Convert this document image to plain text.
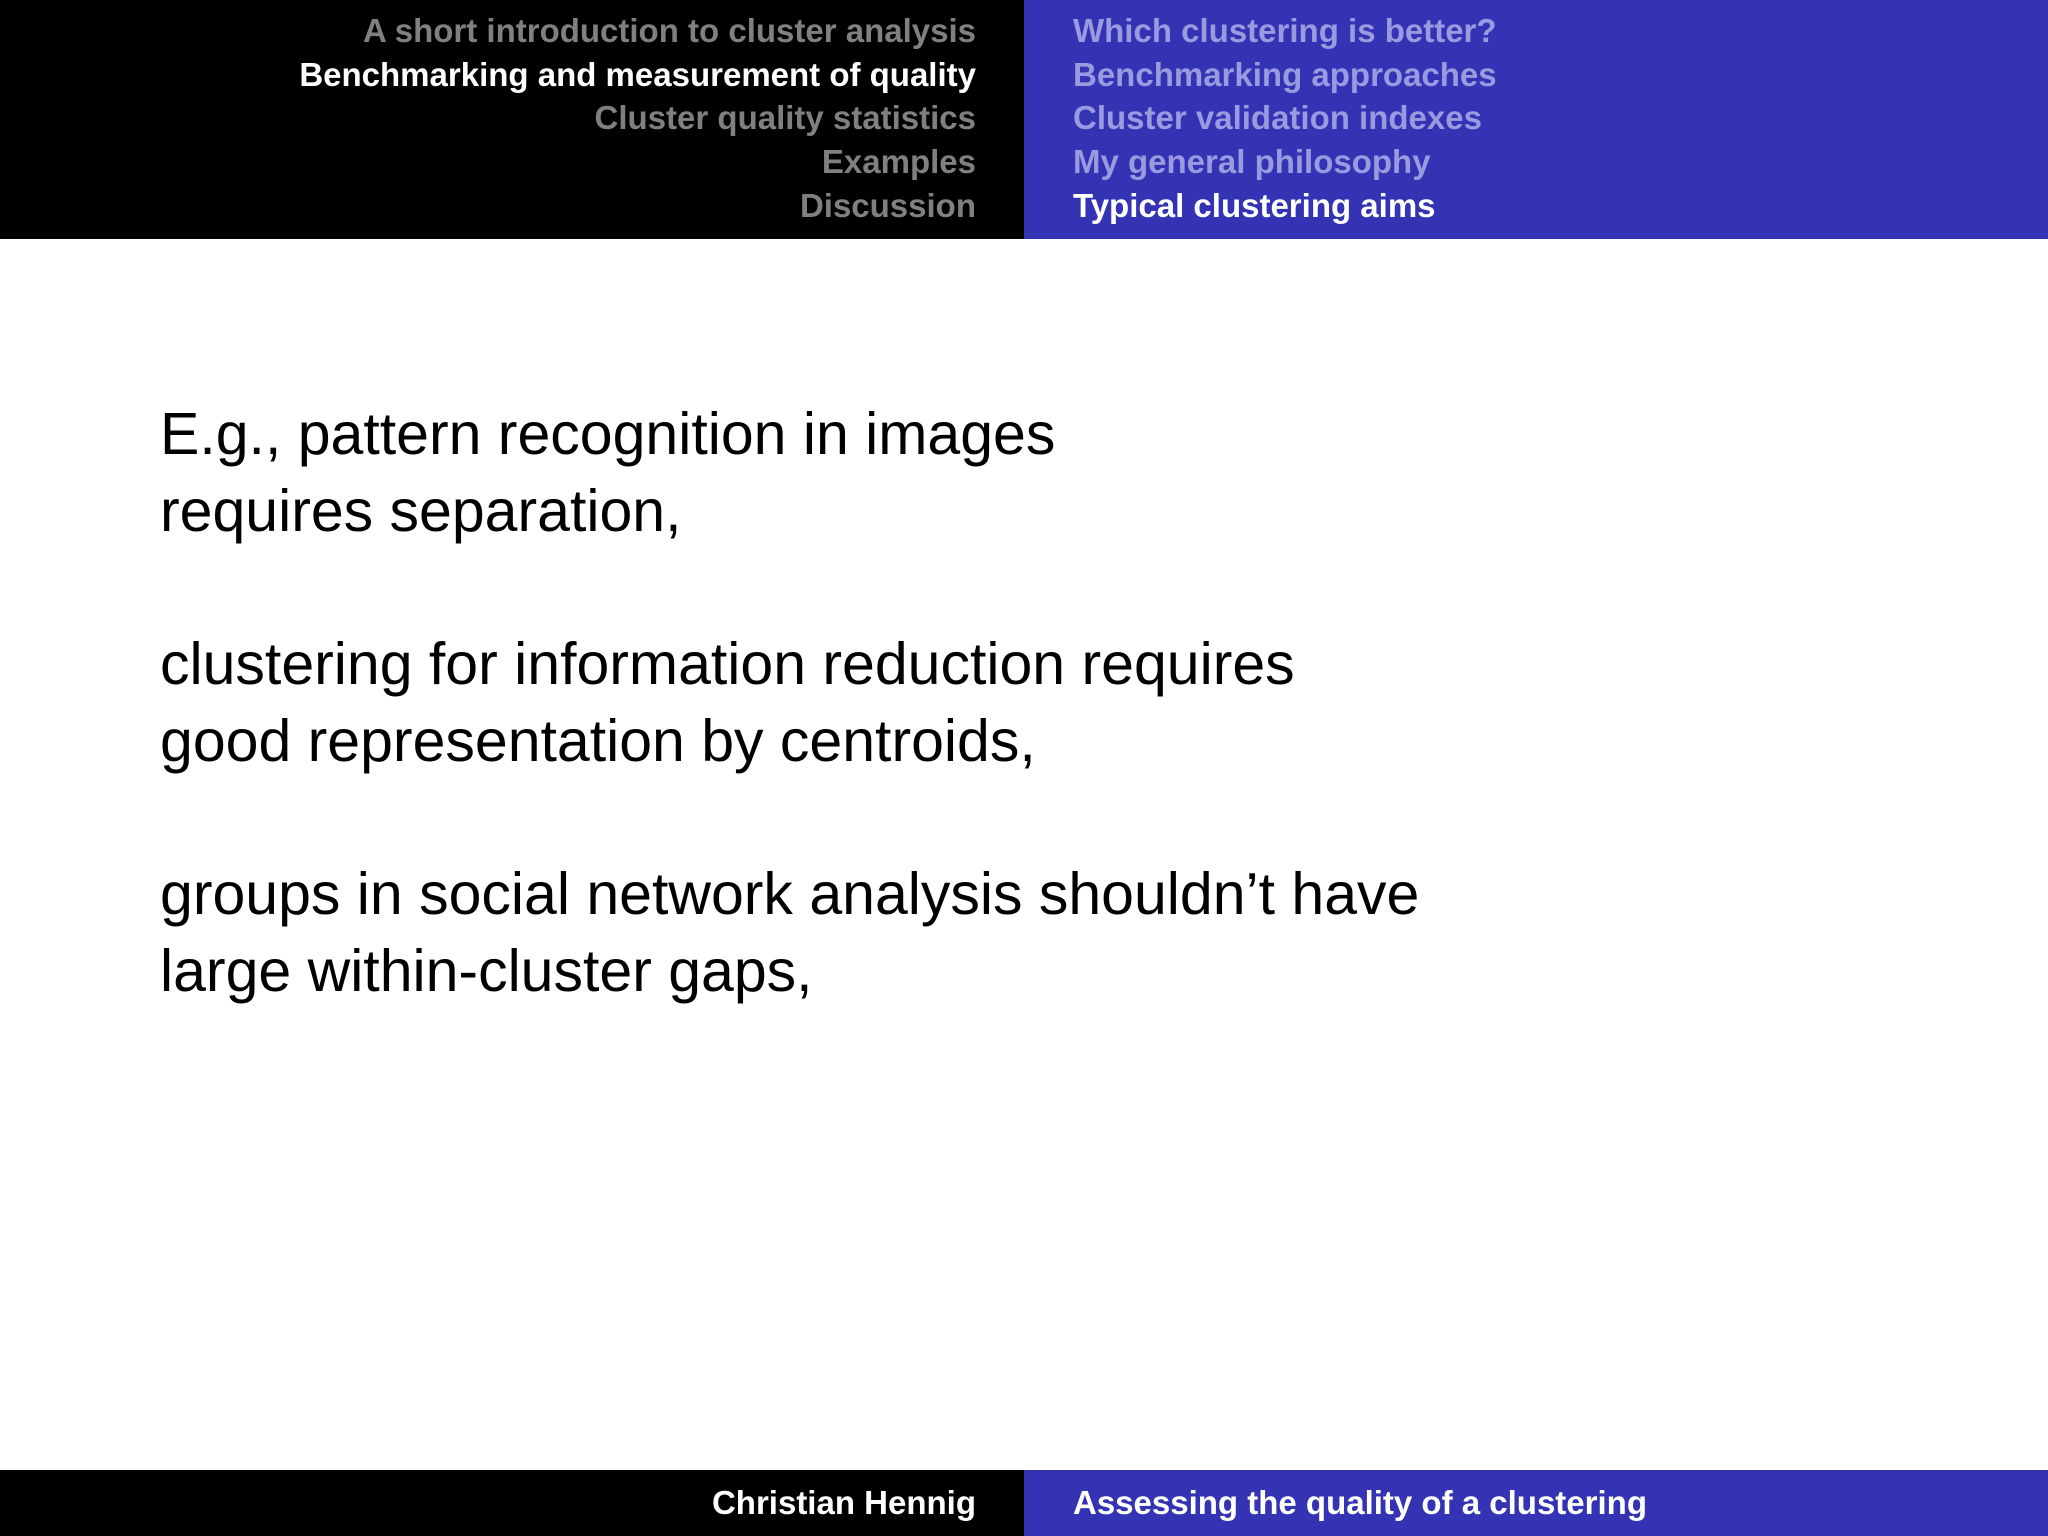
A short introduction to cluster analysis
Benchmarking and measurement of quality
Cluster quality statistics
Examples
Discussion
Which clustering is better?
Benchmarking approaches
Cluster validation indexes
My general philosophy
Typical clustering aims

E.g., pattern recognition in images
requires separation,

clustering for information reduction requires
good representation by centroids,

groups in social network analysis shouldn’t have
large within-cluster gaps,

Christian Hennig	Assessing the quality of a clustering
